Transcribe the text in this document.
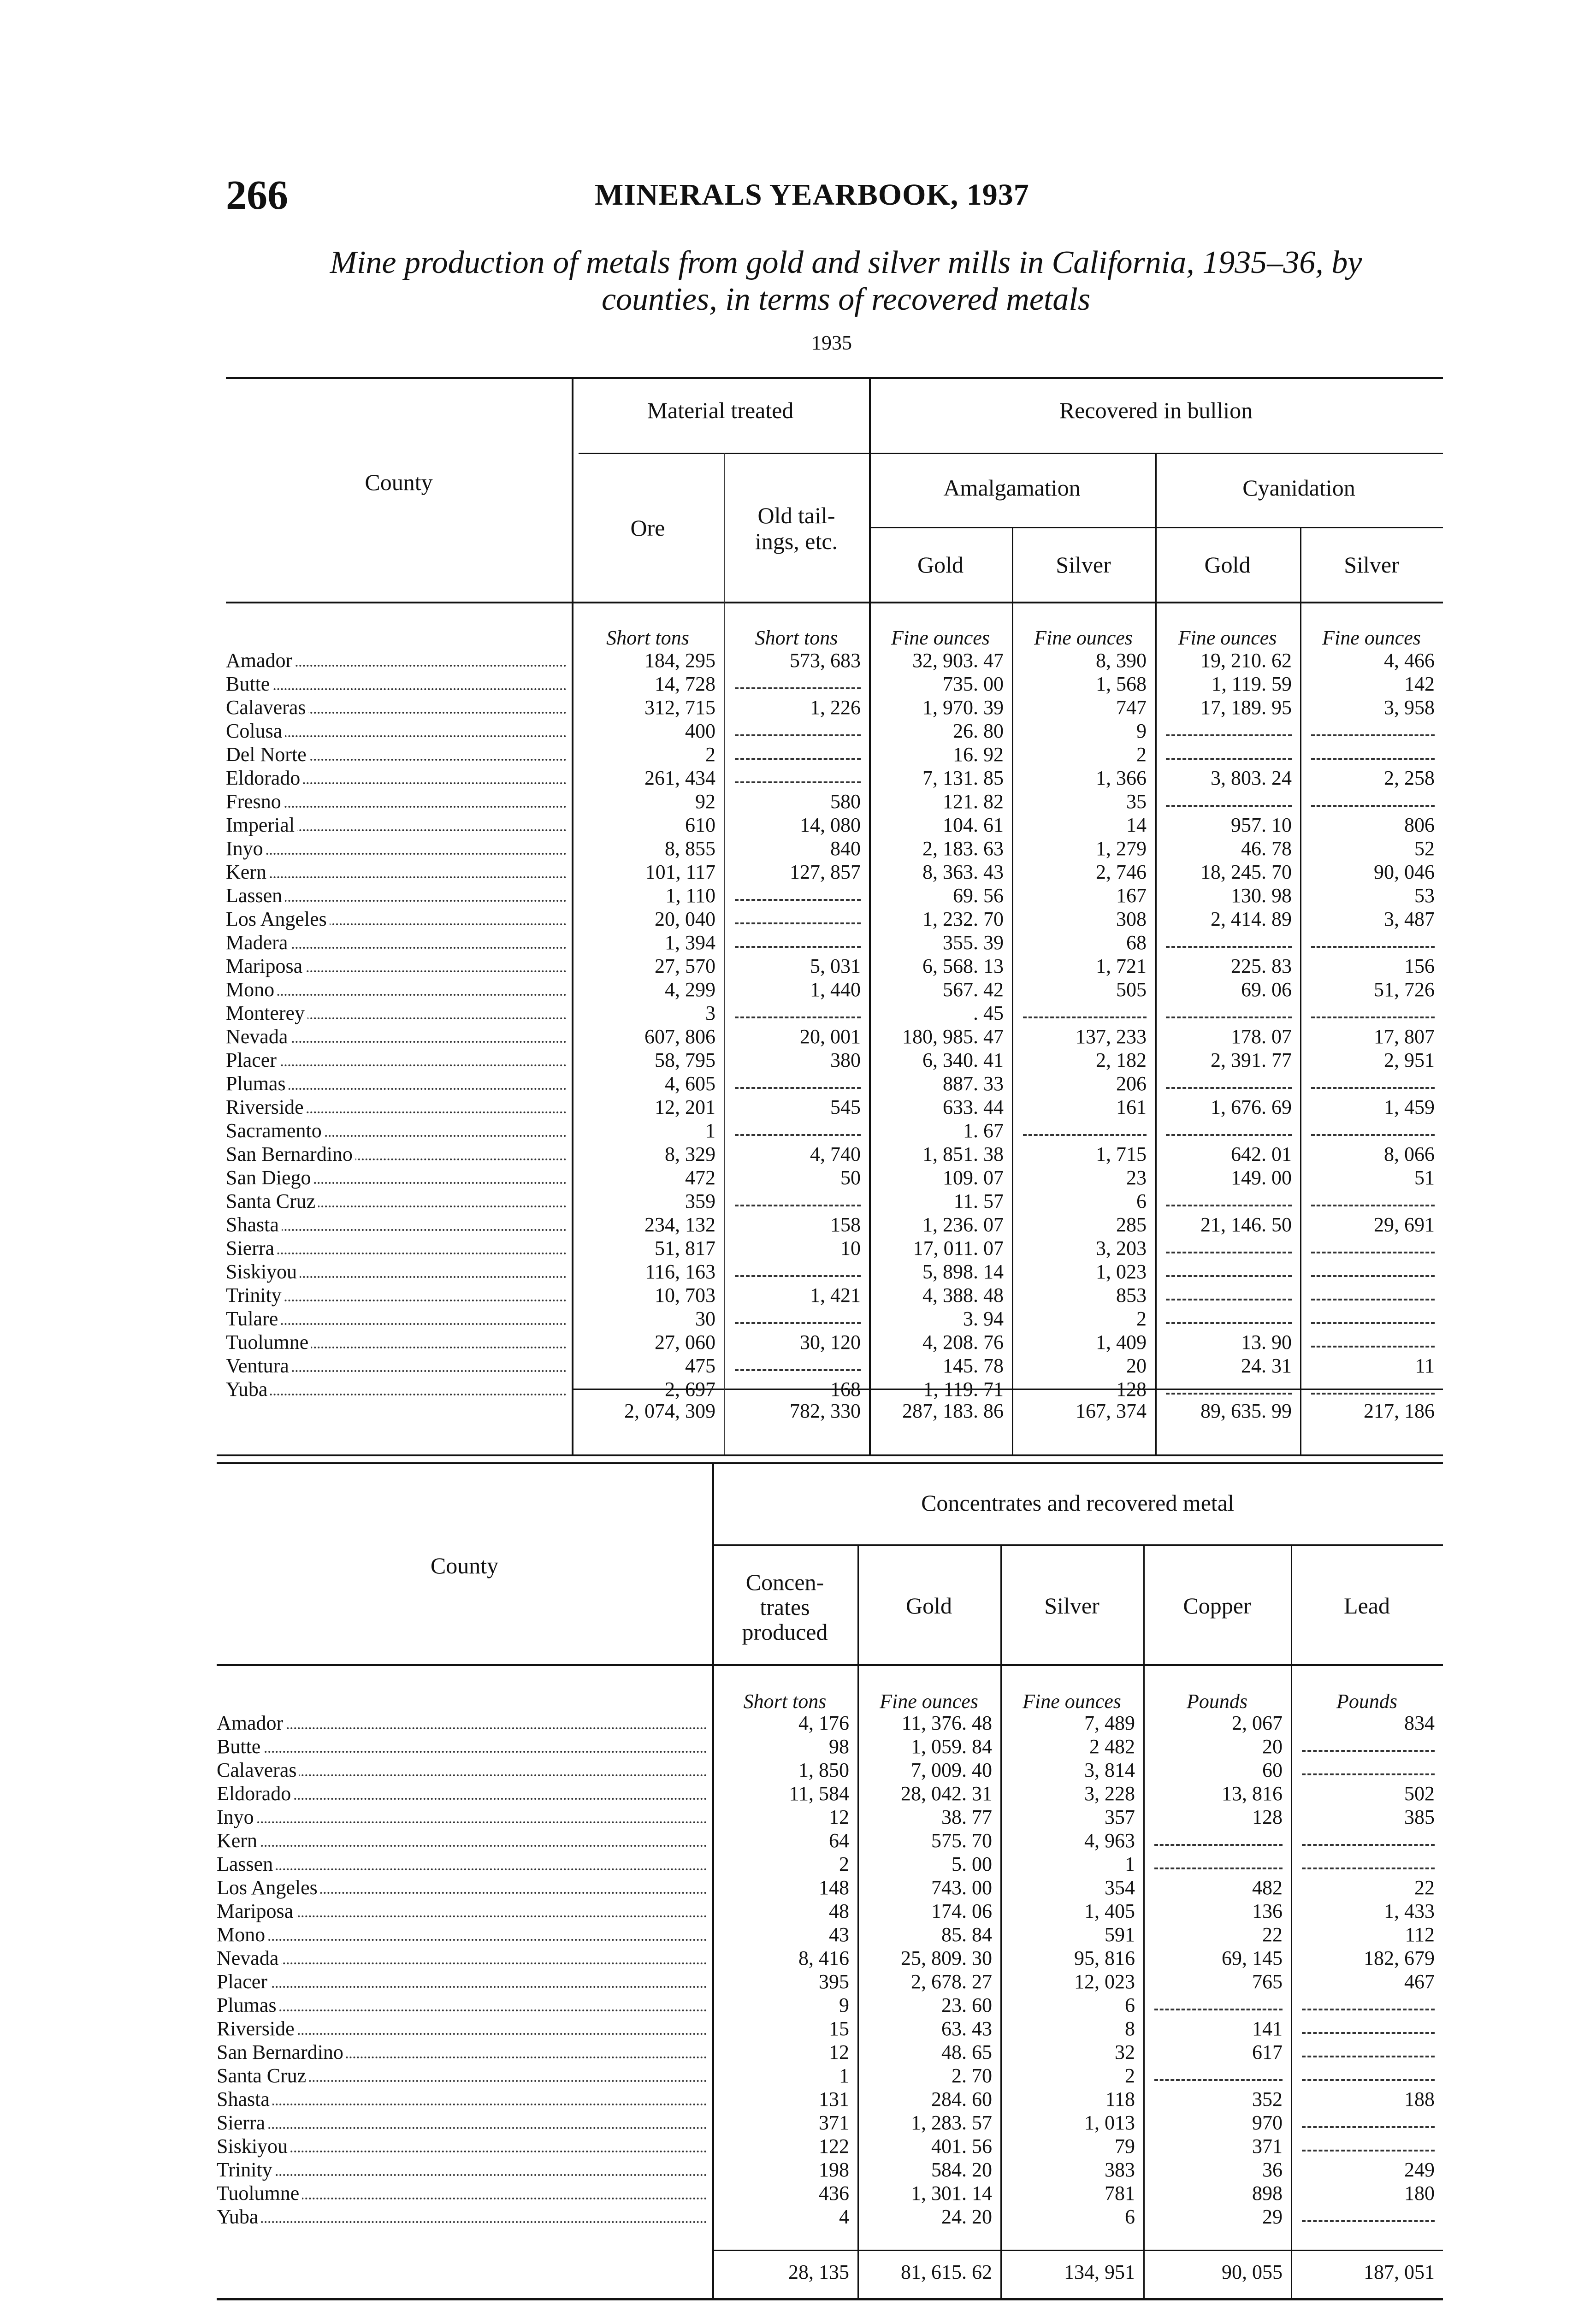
266	MINERALS YEARBOOK, 1937
Mine production of metals from gold and silver mills in California, 1935–36, by
counties, in terms of recovered metals
1935
County
Material treated	Recovered in bullion
Ore	Old tail-
ings, etc.
Amalgamation	Cyanidation
Gold	Silver	Gold	Silver
Short tons	Short tons	Fine ounces	Fine ounces	Fine ounces	Fine ounces
Amador	184, 295	573, 683	32, 903. 47	8, 390	19, 210. 62	4, 466
Butte	14, 728		735. 00	1, 568	1, 119. 59	142
Calaveras	312, 715	1, 226	1, 970. 39	747	17, 189. 95	3, 958
Colusa	400		26. 80	9		
Del Norte	2		16. 92	2		
Eldorado	261, 434		7, 131. 85	1, 366	3, 803. 24	2, 258
Fresno	92	580	121. 82	35		
Imperial	610	14, 080	104. 61	14	957. 10	806
Inyo	8, 855	840	2, 183. 63	1, 279	46. 78	52
Kern	101, 117	127, 857	8, 363. 43	2, 746	18, 245. 70	90, 046
Lassen	1, 110		69. 56	167	130. 98	53
Los Angeles	20, 040		1, 232. 70	308	2, 414. 89	3, 487
Madera	1, 394		355. 39	68		
Mariposa	27, 570	5, 031	6, 568. 13	1, 721	225. 83	156
Mono	4, 299	1, 440	567. 42	505	69. 06	51, 726
Monterey	3		. 45			
Nevada	607, 806	20, 001	180, 985. 47	137, 233	178. 07	17, 807
Placer	58, 795	380	6, 340. 41	2, 182	2, 391. 77	2, 951
Plumas	4, 605		887. 33	206		
Riverside	12, 201	545	633. 44	161	1, 676. 69	1, 459
Sacramento	1		1. 67			
San Bernardino	8, 329	4, 740	1, 851. 38	1, 715	642. 01	8, 066
San Diego	472	50	109. 07	23	149. 00	51
Santa Cruz	359		11. 57	6		
Shasta	234, 132	158	1, 236. 07	285	21, 146. 50	29, 691
Sierra	51, 817	10	17, 011. 07	3, 203		
Siskiyou	116, 163		5, 898. 14	1, 023		
Trinity	10, 703	1, 421	4, 388. 48	853		
Tulare	30		3. 94	2		
Tuolumne	27, 060	30, 120	4, 208. 76	1, 409	13. 90	
Ventura	475		145. 78	20	24. 31	11
Yuba	2, 697	168	1, 119. 71	128		
	2, 074, 309	782, 330	287, 183. 86	167, 374	89, 635. 99	217, 186
County
Concentrates and recovered metal
Concen-
trates
produced
Gold	Silver	Copper	Lead
Short tons	Fine ounces	Fine ounces	Pounds	Pounds
Amador	4, 176	11, 376. 48	7, 489	2, 067	834
Butte	98	1, 059. 84	2 482	20	
Calaveras	1, 850	7, 009. 40	3, 814	60	
Eldorado	11, 584	28, 042. 31	3, 228	13, 816	502
Inyo	12	38. 77	357	128	385
Kern	64	575. 70	4, 963		
Lassen	2	5. 00	1		
Los Angeles	148	743. 00	354	482	22
Mariposa	48	174. 06	1, 405	136	1, 433
Mono	43	85. 84	591	22	112
Nevada	8, 416	25, 809. 30	95, 816	69, 145	182, 679
Placer	395	2, 678. 27	12, 023	765	467
Plumas	9	23. 60	6		
Riverside	15	63. 43	8	141	
San Bernardino	12	48. 65	32	617	
Santa Cruz	1	2. 70	2		
Shasta	131	284. 60	118	352	188
Sierra	371	1, 283. 57	1, 013	970	
Siskiyou	122	401. 56	79	371	
Trinity	198	584. 20	383	36	249
Tuolumne	436	1, 301. 14	781	898	180
Yuba	4	24. 20	6	29	
	28, 135	81, 615. 62	134, 951	90, 055	187, 051
